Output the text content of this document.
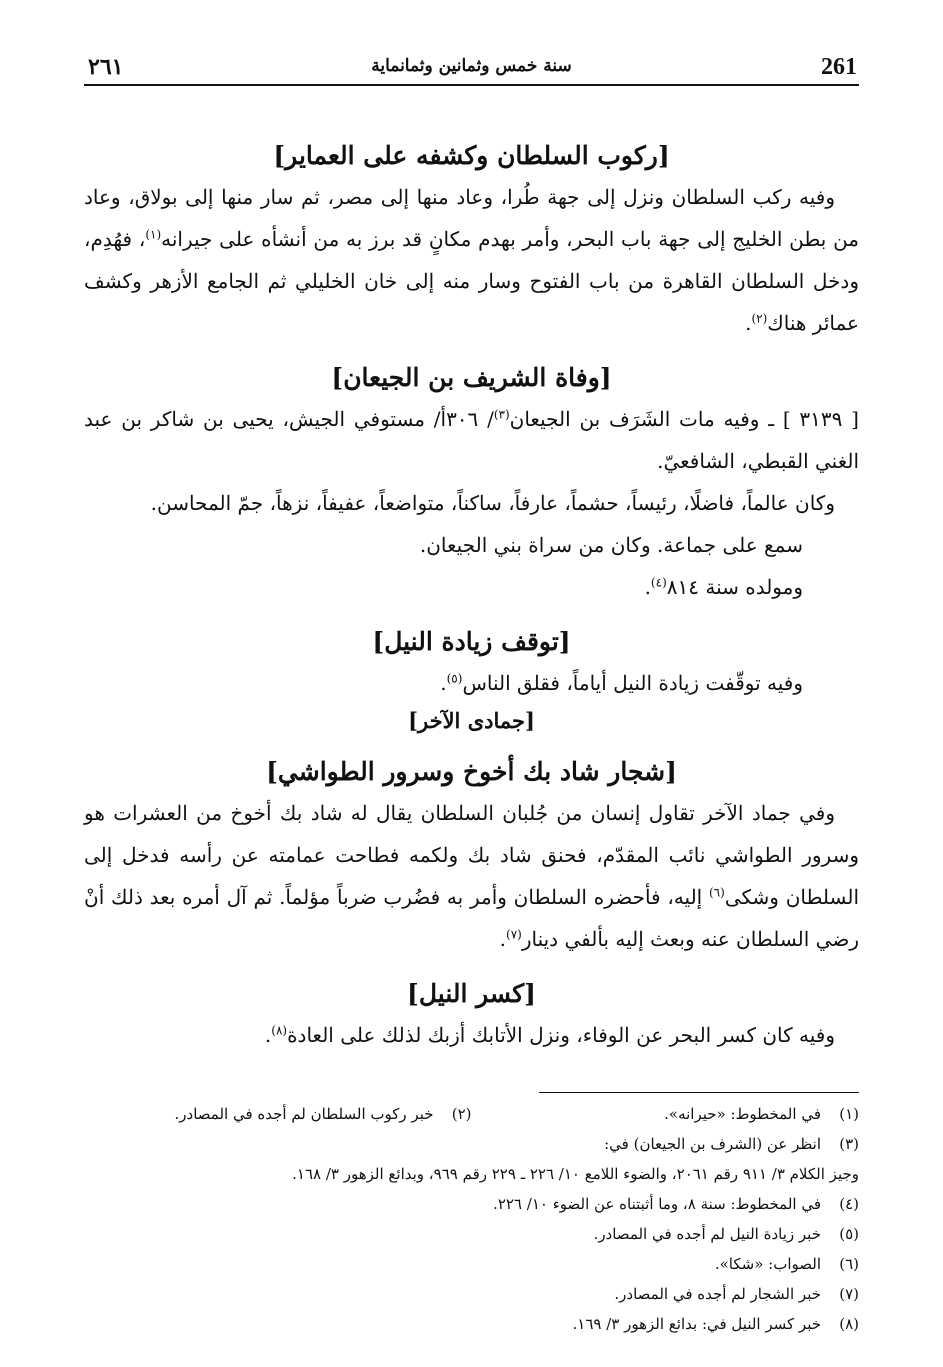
261
سنة خمس وثمانين وثمانماية
٢٦١
[ركوب السلطان وكشفه على العماير]

وفيه ركب السلطان ونزل إلى جهة طُرا، وعاد منها إلى مصر، ثم سار منها إلى بولاق، وعاد من بطن الخليج إلى جهة باب البحر، وأمر بهدم مكانٍ قد برز به من أنشأه على جيرانه$^{(١)}$، فهُدِم، ودخل السلطان القاهرة من باب الفتوح وسار منه إلى خان الخليلي ثم الجامع الأزهر وكشف عمائر هناك$^{(٢)}$.

[وفاة الشريف بن الجيعان]

[ ٣١٣٩ ] ـ وفيه مات الشَرَف بن الجيعان$^{(٣)}$/ ٣٠٦أ/ مستوفي الجيش، يحيى بن شاكر بن عبد الغني القبطي، الشافعيّ.

وكان عالماً، فاضلًا، رئيساً، حشماً، عارفاً، ساكناً، متواضعاً، عفيفاً، نزهاً، جمّ المحاسن.

سمع على جماعة. وكان من سراة بني الجيعان.

ومولده سنة ٨١٤$^{(٤)}$.

[توقف زيادة النيل]

وفيه توقّفت زيادة النيل أياماً، فقلق الناس$^{(٥)}$.

[جمادى الآخر]
[شجار شاد بك أخوخ وسرور الطواشي]

وفي جماد الآخر تقاول إنسان من جُلبان السلطان يقال له شاد بك أخوخ من العشرات هو وسرور الطواشي نائب المقدّم، فحنق شاد بك ولكمه فطاحت عمامته عن رأسه فدخل إلى السلطان وشكى$^{(٦)}$ إليه، فأحضره السلطان وأمر به فضُرب ضرباً مؤلماً. ثم آل أمره بعد ذلك أنْ رضي السلطان عنه وبعث إليه بألفي دينار$^{(٧)}$.

[كسر النيل]

وفيه كان كسر البحر عن الوفاء، ونزل الأتابك أزبك لذلك على العادة$^{(٨)}$.

(١)
في المخطوط: «حيرانه».
(٢)
خبر ركوب السلطان لم أجده في المصادر.
(٣)
انظر عن (الشرف بن الجيعان) في:
وجيز الكلام ٣/ ٩١١ رقم ٢٠٦١، والضوء اللامع ١٠/ ٢٢٦ ـ ٢٢٩ رقم ٩٦٩، وبدائع الزهور ٣/ ١٦٨.
(٤)
في المخطوط: سنة ٨، وما أثبتناه عن الضوء ١٠/ ٢٢٦.
(٥)
خبر زيادة النيل لم أجده في المصادر.
(٦)
الصواب: «شكا».
(٧)
خبر الشجار لم أجده في المصادر.
(٨)
خبر كسر النيل في: بدائع الزهور ٣/ ١٦٩.
